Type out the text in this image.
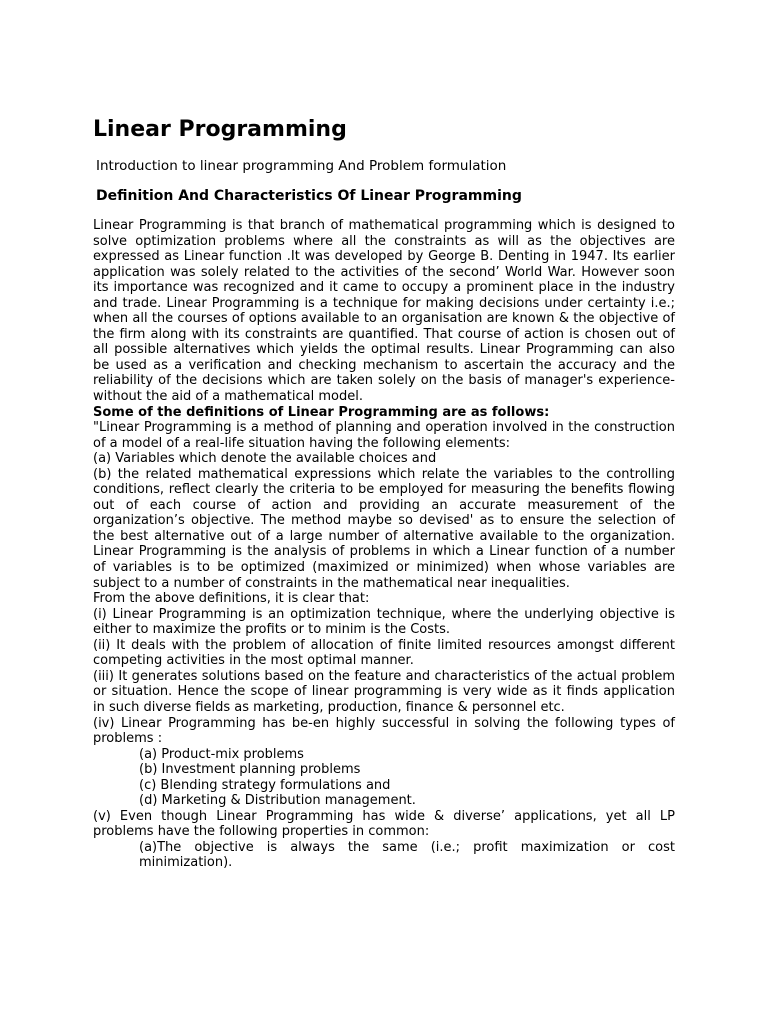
Linear Programming

Introduction to linear programming And Problem formulation

Definition And Characteristics Of Linear Programming

Linear Programming is that branch of mathematical programming which is designed to solve optimization problems where all the constraints as will as the objectives are expressed as Linear function .It was developed by George B. Denting in 1947. Its earlier application was solely related to the activities of the second’ World War. However soon its importance was recognized and it came to occupy a prominent place in the industry and trade. Linear Programming is a technique for making decisions under certainty i.e.; when all the courses of options available to an organisation are known & the objective of the firm along with its constraints are quantified. That course of action is chosen out of all possible alternatives which yields the optimal results. Linear Programming can also be used as a verification and checking mechanism to ascertain the accuracy and the reliability of the decisions which are taken solely on the basis of manager's experience-without the aid of a mathematical model.

Some of the definitions of Linear Programming are as follows:

"Linear Programming is a method of planning and operation involved in the construction of a model of a real-life situation having the following elements:

(a) Variables which denote the available choices and

(b) the related mathematical expressions which relate the variables to the controlling conditions, reflect clearly the criteria to be employed for measuring the benefits flowing out of each course of action and providing an accurate measurement of the organization’s objective. The method maybe so devised' as to ensure the selection of the best alternative out of a large number of alternative available to the organization. Linear Programming is the analysis of problems in which a Linear function of a number of variables is to be optimized (maximized or minimized) when whose variables are subject to a number of constraints in the mathematical near inequalities.

From the above definitions, it is clear that:

(i) Linear Programming is an optimization technique, where the underlying objective is either to maximize the profits or to minim is the Costs.

(ii) It deals with the problem of allocation of finite limited resources amongst different competing activities in the most optimal manner.

(iii) It generates solutions based on the feature and characteristics of the actual problem or situation. Hence the scope of linear programming is very wide as it finds application in such diverse fields as marketing, production, finance & personnel etc.

(iv) Linear Programming has be-en highly successful in solving the following types of problems :

(a) Product-mix problems
(b) Investment planning problems
(c) Blending strategy formulations and
(d) Marketing & Distribution management.

(v) Even though Linear Programming has wide & diverse’ applications, yet all LP problems have the following properties in common:

(a)The objective is always the same (i.e.; profit maximization or cost minimization).
